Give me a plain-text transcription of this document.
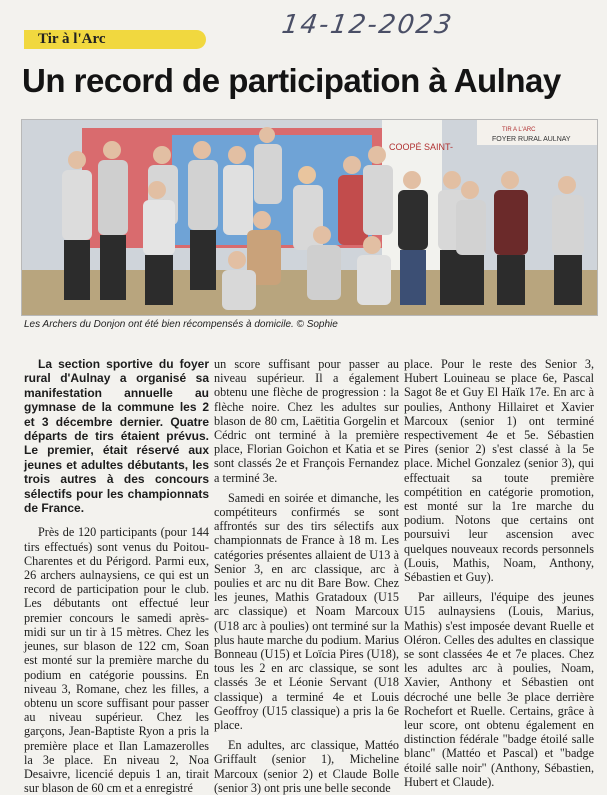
14-12-2023
Tir à l'Arc
Un record de participation à Aulnay
COOPÉ SAINT-
TIR A L'ARC
FOYER RURAL AULNAY
Les Archers du Donjon ont été bien récompensés à domicile. © Sophie

La section sportive du foyer rural d'Aulnay a organisé sa manifestation annuelle au gymnase de la commune les 2 et 3 décembre dernier. Quatre départs de tirs étaient prévus. Le premier, était réservé aux jeunes et adultes débutants, les trois autres à des concours sélectifs pour les championnats de France.

Près de 120 participants (pour 144 tirs effectués) sont venus du Poitou-Charentes et du Périgord. Parmi eux, 26 archers aulnaysiens, ce qui est un record de participation pour le club. Les débutants ont effectué leur premier concours le samedi après-midi sur un tir à 15 mètres. Chez les jeunes, sur blason de 122 cm, Soan est monté sur la première marche du podium en catégorie poussins. En niveau 3, Romane, chez les filles, a obtenu un score suffisant pour passer au niveau supérieur. Chez les garçons, Jean-Baptiste Ryon a pris la première place et Ilan Lamazerolles la 3e place. En niveau 2, Noa Desaivre, licencié depuis 1 an, tirait sur blason de 60 cm et a enregistré

un score suffisant pour passer au niveau supérieur. Il a également obtenu une flèche de progression : la flèche noire. Chez les adultes sur blason de 80 cm, Laëtitia Gorgelin et Cédric ont terminé à la première place, Florian Goichon et Katia et se sont classés 2e et François Fernandez a terminé 3e.

Samedi en soirée et dimanche, les compétiteurs confirmés se sont affrontés sur des tirs sélectifs aux championnats de France à 18 m. Les catégories présentes allaient de U13 à Senior 3, en arc classique, arc à poulies et arc nu dit Bare Bow. Chez les jeunes, Mathis Gratadoux (U15 arc classique) et Noam Marcoux (U18 arc à poulies) ont terminé sur la plus haute marche du podium. Marius Bonneau (U15) et Loïcia Pires (U18), tous les 2 en arc classique, se sont classés 3e et Léonie Servant (U18 classique) a terminé 4e et Louis Geoffroy (U15 classique) a pris la 6e place.

En adultes, arc classique, Mattéo Griffault (senior 1), Micheline Marcoux (senior 2) et Claude Bolle (senior 3) ont pris une belle seconde

place. Pour le reste des Senior 3, Hubert Louineau se place 6e, Pascal Sagot 8e et Guy El Haïk 17e. En arc à poulies, Anthony Hillairet et Xavier Marcoux (senior 1) ont terminé respectivement 4e et 5e. Sébastien Pires (senior 2) s'est classé à la 5e place. Michel Gonzalez (senior 3), qui effectuait sa toute première compétition en catégorie promotion, est monté sur la 1re marche du podium. Notons que certains ont poursuivi leur ascension avec quelques nouveaux records personnels (Louis, Mathis, Noam, Anthony, Sébastien et Guy).

Par ailleurs, l'équipe des jeunes U15 aulnaysiens (Louis, Marius, Mathis) s'est imposée devant Ruelle et Oléron. Celles des adultes en classique se sont classées 4e et 7e places. Chez les adultes arc à poulies, Noam, Xavier, Anthony et Sébastien ont décroché une belle 3e place derrière Rochefort et Ruelle. Certains, grâce à leur score, ont obtenu également en distinction fédérale "badge étoilé salle blanc" (Mattéo et Pascal) et "badge étoilé salle noir" (Anthony, Sébastien, Hubert et Claude).
